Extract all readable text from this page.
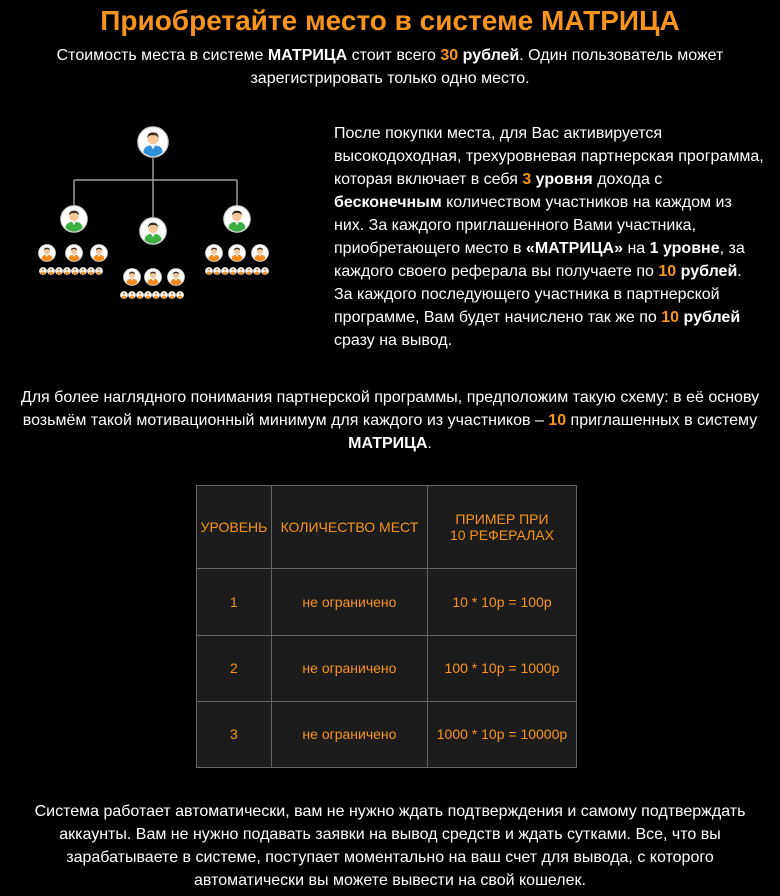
Приобретайте место в системе МАТРИЦА
Стоимость места в системе МАТРИЦА стоит всего 30 рублей. Один пользователь может зарегистрировать только одно место.
После покупки места, для Вас активируется высокодоходная, трехуровневая партнерская программа, которая включает в себя 3 уровня дохода с бесконечным количеством участников на каждом из них. За каждого приглашенного Вами участника, приобретающего место в «МАТРИЦА» на 1 уровне, за каждого своего реферала вы получаете по 10 рублей. За каждого последующего участника в партнерской программе, Вам будет начислено так же по 10 рублей сразу на вывод.
Для более наглядного понимания партнерской программы, предположим такую схему: в её основу возьмём такой мотивационный минимум для каждого из участников – 10 приглашенных в систему МАТРИЦА.
УРОВЕНЬ	КОЛИЧЕСТВО МЕСТ	ПРИМЕР ПРИ
10 РЕФЕРАЛАХ
1	не ограничено	10 * 10р = 100р
2	не ограничено	100 * 10р = 1000р
3	не ограничено	1000 * 10р = 10000р
Система работает автоматически, вам не нужно ждать подтверждения и самому подтверждать аккаунты. Вам не нужно подавать заявки на вывод средств и ждать сутками. Все, что вы зарабатываете в системе, поступает моментально на ваш счет для вывода, с которого автоматически вы можете вывести на свой кошелек.
